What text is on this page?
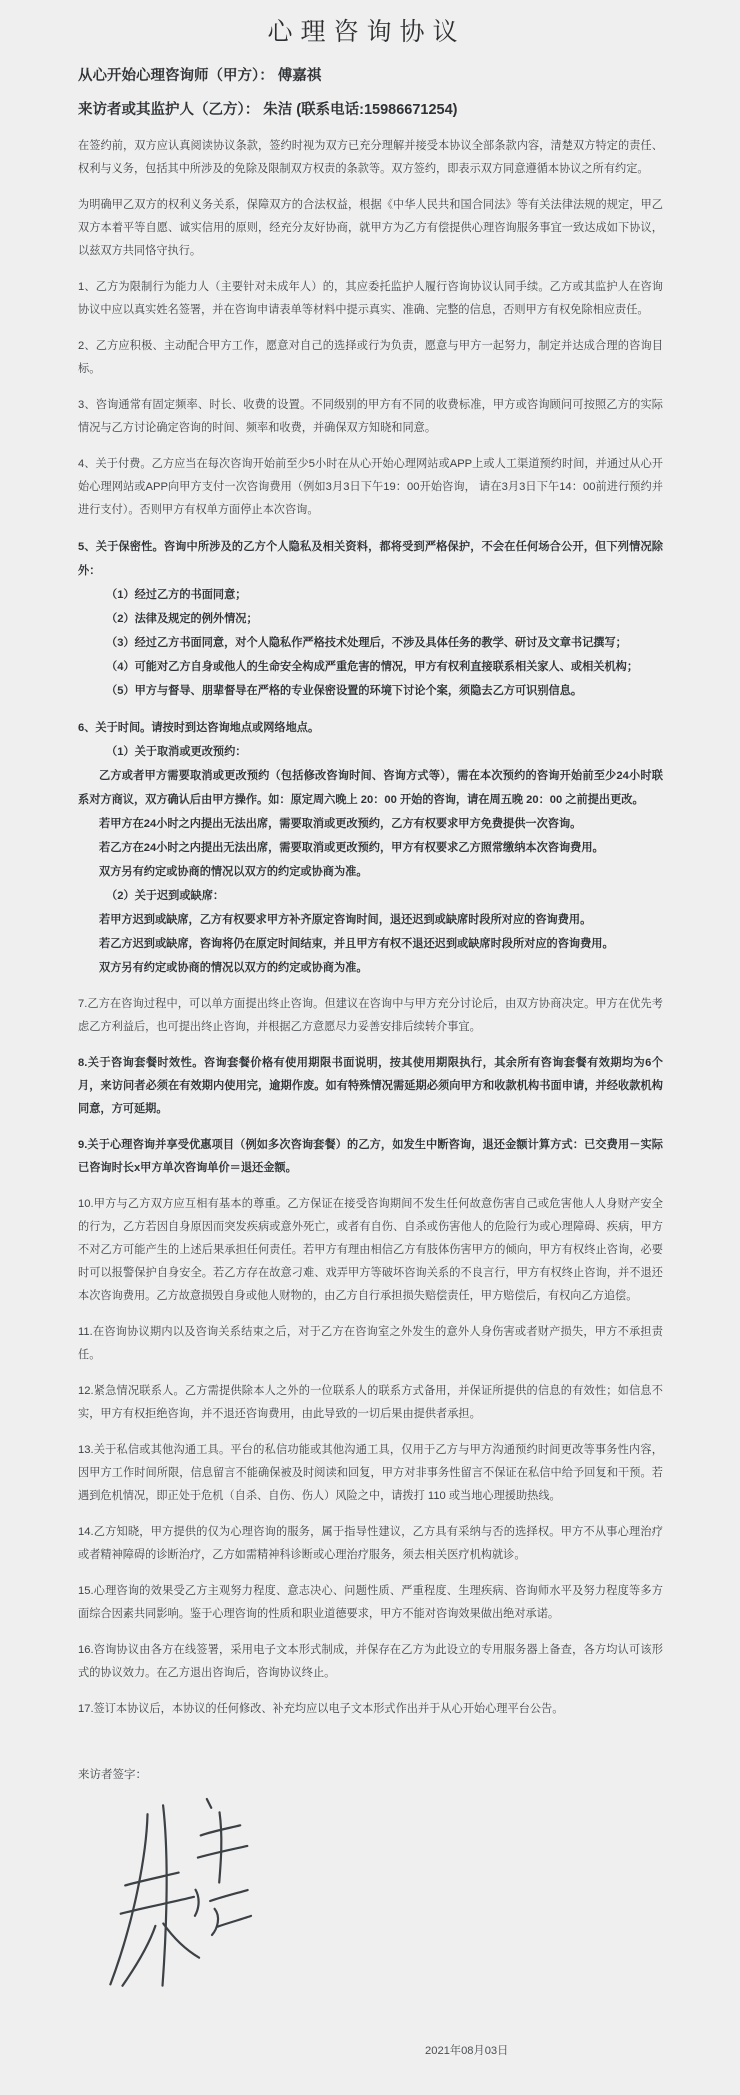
心理咨询协议
从心开始心理咨询师（甲方）： 傅嘉祺
来访者或其监护人（乙方）： 朱洁 (联系电话:15986671254)
在签约前，双方应认真阅读协议条款，签约时视为双方已充分理解并接受本协议全部条款内容，清楚双方特定的责任、权利与义务，包括其中所涉及的免除及限制双方权责的条款等。双方签约，即表示双方同意遵循本协议之所有约定。
为明确甲乙双方的权利义务关系，保障双方的合法权益，根据《中华人民共和国合同法》等有关法律法规的规定，甲乙双方本着平等自愿、诚实信用的原则，经充分友好协商，就甲方为乙方有偿提供心理咨询服务事宜一致达成如下协议，以兹双方共同恪守执行。
1、乙方为限制行为能力人（主要针对未成年人）的，其应委托监护人履行咨询协议认同手续。乙方或其监护人在咨询协议中应以真实姓名签署，并在咨询申请表单等材料中提示真实、准确、完整的信息，否则甲方有权免除相应责任。
2、乙方应积极、主动配合甲方工作，愿意对自己的选择或行为负责，愿意与甲方一起努力，制定并达成合理的咨询目标。
3、咨询通常有固定频率、时长、收费的设置。不同级别的甲方有不同的收费标准，甲方或咨询顾问可按照乙方的实际情况与乙方讨论确定咨询的时间、频率和收费，并确保双方知晓和同意。
4、关于付费。乙方应当在每次咨询开始前至少5小时在从心开始心理网站或APP上或人工渠道预约时间，并通过从心开始心理网站或APP向甲方支付一次咨询费用（例如3月3日下午19：00开始咨询， 请在3月3日下午14：00前进行预约并进行支付）。否则甲方有权单方面停止本次咨询。
5、关于保密性。咨询中所涉及的乙方个人隐私及相关资料，都将受到严格保护，不会在任何场合公开，但下列情况除外：
（1）经过乙方的书面同意；
（2）法律及规定的例外情况；
（3）经过乙方书面同意，对个人隐私作严格技术处理后，不涉及具体任务的教学、研讨及文章书记撰写；
（4）可能对乙方自身或他人的生命安全构成严重危害的情况，甲方有权利直接联系相关家人、或相关机构；
（5）甲方与督导、朋辈督导在严格的专业保密设置的环境下讨论个案，须隐去乙方可识别信息。
6、关于时间。请按时到达咨询地点或网络地点。
（1）关于取消或更改预约：
乙方或者甲方需要取消或更改预约（包括修改咨询时间、咨询方式等），需在本次预约的咨询开始前至少24小时联系对方商议，双方确认后由甲方操作。如：原定周六晚上 20：00 开始的咨询，请在周五晚 20：00 之前提出更改。
若甲方在24小时之内提出无法出席，需要取消或更改预约，乙方有权要求甲方免费提供一次咨询。
若乙方在24小时之内提出无法出席，需要取消或更改预约，甲方有权要求乙方照常缴纳本次咨询费用。
双方另有约定或协商的情况以双方的约定或协商为准。
（2）关于迟到或缺席：
若甲方迟到或缺席，乙方有权要求甲方补齐原定咨询时间，退还迟到或缺席时段所对应的咨询费用。
若乙方迟到或缺席，咨询将仍在原定时间结束，并且甲方有权不退还迟到或缺席时段所对应的咨询费用。
双方另有约定或协商的情况以双方的约定或协商为准。
7.乙方在咨询过程中，可以单方面提出终止咨询。但建议在咨询中与甲方充分讨论后，由双方协商决定。甲方在优先考虑乙方利益后，也可提出终止咨询，并根据乙方意愿尽力妥善安排后续转介事宜。
8.关于咨询套餐时效性。咨询套餐价格有使用期限书面说明，按其使用期限执行，其余所有咨询套餐有效期均为6个月，来访问者必须在有效期内使用完，逾期作废。如有特殊情况需延期必须向甲方和收款机构书面申请，并经收款机构同意，方可延期。
9.关于心理咨询并享受优惠项目（例如多次咨询套餐）的乙方，如发生中断咨询，退还金额计算方式：已交费用－实际已咨询时长x甲方单次咨询单价＝退还金额。
10.甲方与乙方双方应互相有基本的尊重。乙方保证在接受咨询期间不发生任何故意伤害自己或危害他人人身财产安全的行为，乙方若因自身原因而突发疾病或意外死亡，或者有自伤、自杀或伤害他人的危险行为或心理障碍、疾病，甲方不对乙方可能产生的上述后果承担任何责任。若甲方有理由相信乙方有肢体伤害甲方的倾向，甲方有权终止咨询，必要时可以报警保护自身安全。若乙方存在故意刁难、戏弄甲方等破坏咨询关系的不良言行，甲方有权终止咨询，并不退还本次咨询费用。乙方故意损毁自身或他人财物的，由乙方自行承担损失赔偿责任，甲方赔偿后，有权向乙方追偿。
11.在咨询协议期内以及咨询关系结束之后，对于乙方在咨询室之外发生的意外人身伤害或者财产损失，甲方不承担责任。
12.紧急情况联系人。乙方需提供除本人之外的一位联系人的联系方式备用，并保证所提供的信息的有效性；如信息不实，甲方有权拒绝咨询，并不退还咨询费用，由此导致的一切后果由提供者承担。
13.关于私信或其他沟通工具。平台的私信功能或其他沟通工具，仅用于乙方与甲方沟通预约时间更改等事务性内容，因甲方工作时间所限，信息留言不能确保被及时阅读和回复，甲方对非事务性留言不保证在私信中给予回复和干预。若遇到危机情况，即正处于危机（自杀、自伤、伤人）风险之中，请拨打 110 或当地心理援助热线。
14.乙方知晓，甲方提供的仅为心理咨询的服务，属于指导性建议，乙方具有采纳与否的选择权。甲方不从事心理治疗或者精神障碍的诊断治疗，乙方如需精神科诊断或心理治疗服务，须去相关医疗机构就诊。
15.心理咨询的效果受乙方主观努力程度、意志决心、问题性质、严重程度、生理疾病、咨询师水平及努力程度等多方面综合因素共同影响。鉴于心理咨询的性质和职业道德要求，甲方不能对咨询效果做出绝对承诺。
16.咨询协议由各方在线签署，采用电子文本形式制成，并保存在乙方为此设立的专用服务器上备查，各方均认可该形式的协议效力。在乙方退出咨询后，咨询协议终止。
17.签订本协议后，本协议的任何修改、补充均应以电子文本形式作出并于从心开始心理平台公告。
来访者签字：
2021年08月03日
